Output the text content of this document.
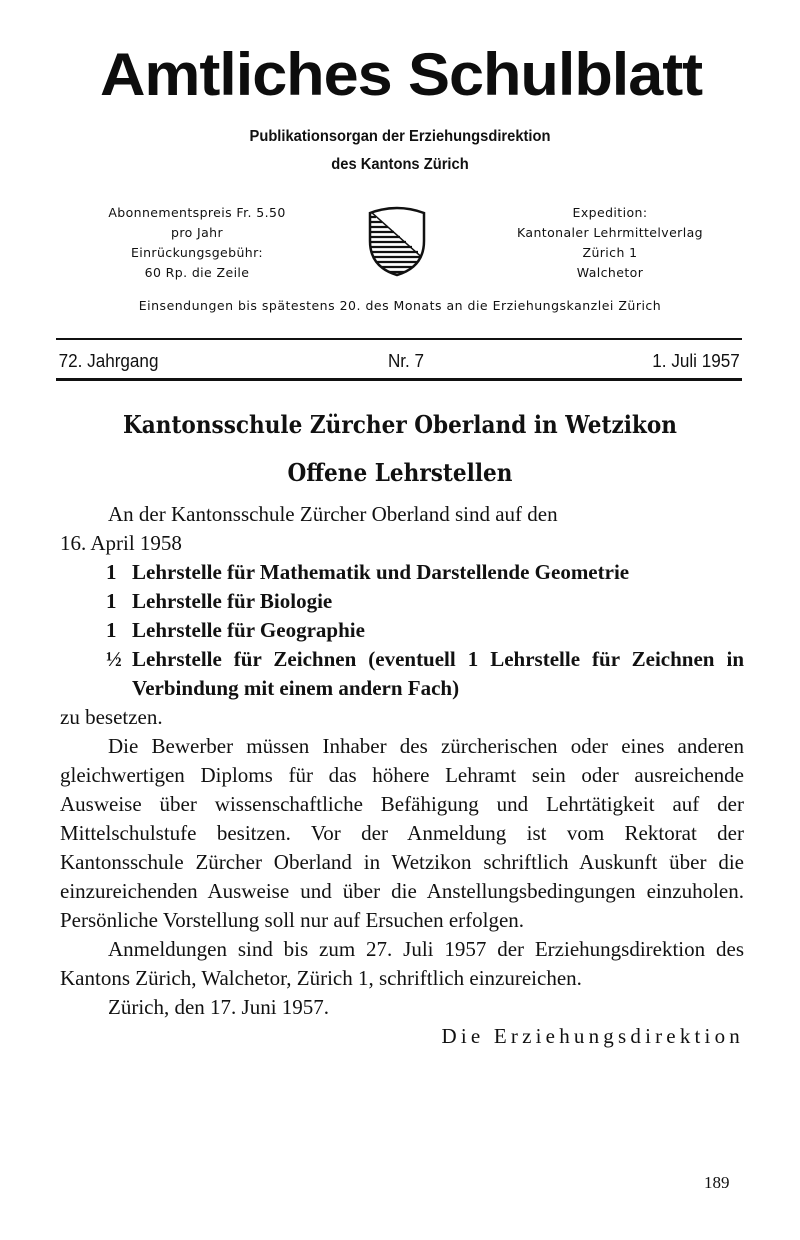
Amtliches Schulblatt
Publikationsorgan der Erziehungsdirektion
des Kantons Zürich
Abonnementspreis Fr. 5.50
pro Jahr
Einrückungsgebühr:
60 Rp. die Zeile
Expedition:
Kantonaler Lehrmittelverlag
Zürich 1
Walchetor
Einsendungen bis spätestens 20. des Monats an die Erziehungskanzlei Zürich
72. Jahrgang	Nr. 7	1. Juli 1957
Kantonsschule Zürcher Oberland in Wetzikon
Offene Lehrstellen

An der Kantonsschule Zürcher Oberland sind auf den

16. April 1958

1 Lehrstelle für Mathematik und Darstellende Geometrie
1 Lehrstelle für Biologie
1 Lehrstelle für Geographie
½ Lehrstelle für Zeichnen (eventuell 1 Lehrstelle für Zeichnen in Verbindung mit einem andern Fach)

zu besetzen.

Die Bewerber müssen Inhaber des zürcherischen oder eines anderen gleichwertigen Diploms für das höhere Lehramt sein oder ausreichende Ausweise über wissenschaftliche Befähigung und Lehrtätigkeit auf der Mittelschulstufe besitzen. Vor der Anmeldung ist vom Rektorat der Kantonsschule Zürcher Oberland in Wetzikon schriftlich Auskunft über die einzureichenden Ausweise und über die Anstellungsbedingungen einzuholen. Persönliche Vorstellung soll nur auf Ersuchen erfolgen.

Anmeldungen sind bis zum 27. Juli 1957 der Erziehungsdirektion des Kantons Zürich, Walchetor, Zürich 1, schriftlich einzureichen.

Zürich, den 17. Juni 1957.

Die Erziehungsdirektion

189
